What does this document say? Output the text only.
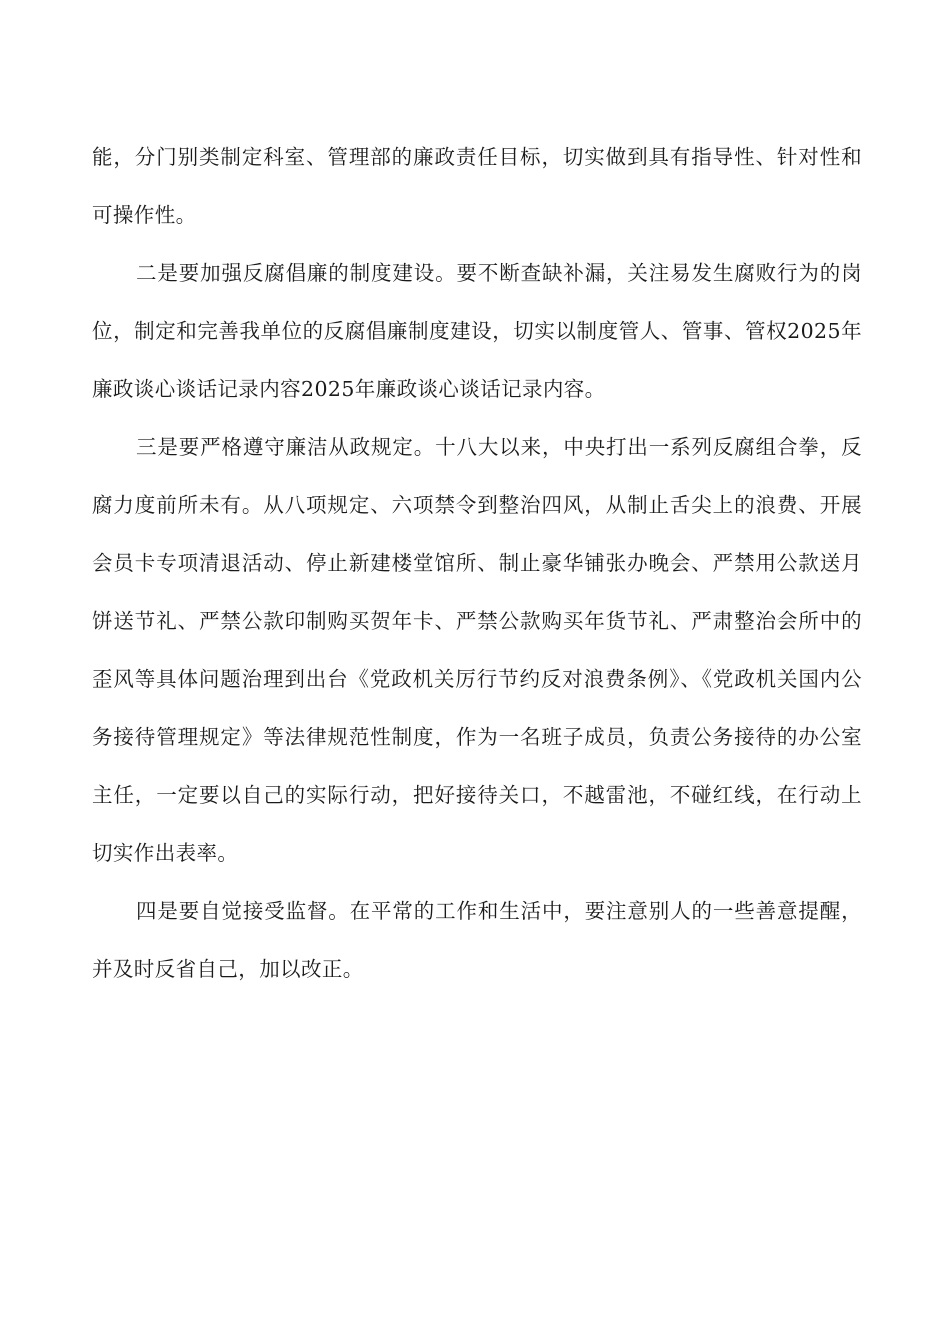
能，分门别类制定科室、管理部的廉政责任目标，切实做到具有指导性、针对性和可操作性。

二是要加强反腐倡廉的制度建设。要不断查缺补漏，关注易发生腐败行为的岗位，制定和完善我单位的反腐倡廉制度建设，切实以制度管人、管事、管权2025年廉政谈心谈话记录内容2025年廉政谈心谈话记录内容。

三是要严格遵守廉洁从政规定。十八大以来，中央打出一系列反腐组合拳，反腐力度前所未有。从八项规定、六项禁令到整治四风，从制止舌尖上的浪费、开展会员卡专项清退活动、停止新建楼堂馆所、制止豪华铺张办晚会、严禁用公款送月饼送节礼、严禁公款印制购买贺年卡、严禁公款购买年货节礼、严肃整治会所中的歪风等具体问题治理到出台《党政机关厉行节约反对浪费条例》、《党政机关国内公务接待管理规定》等法律规范性制度，作为一名班子成员，负责公务接待的办公室主任，一定要以自己的实际行动，把好接待关口，不越雷池，不碰红线，在行动上切实作出表率。

四是要自觉接受监督。在平常的工作和生活中，要注意别人的一些善意提醒，并及时反省自己，加以改正。
